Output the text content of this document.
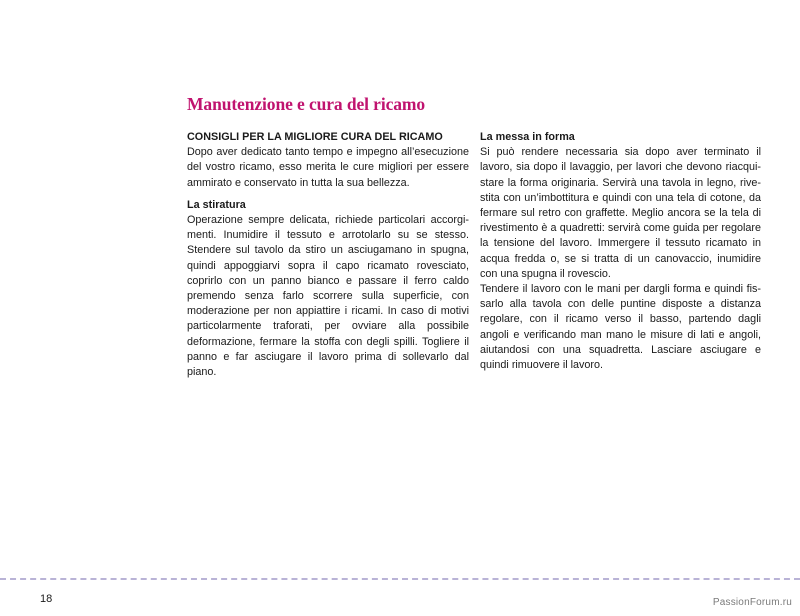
Manutenzione e cura del ricamo

CONSIGLI PER LA MIGLIORE CURA DEL RICAMO

Dopo aver dedicato tanto tempo e impegno all’esecuzione del vostro ricamo, esso merita le cure migliori per essere ammirato e conservato in tutta la sua bellezza.

La stiratura

Operazione sempre delicata, richiede particolari accorgimenti. Inumidire il tessuto e arrotolarlo su se stesso. Stendere sul tavolo da stiro un asciugamano in spugna, quindi appoggiarvi sopra il capo ricamato rovesciato, coprirlo con un panno bianco e passare il ferro caldo premendo senza farlo scorrere sulla superficie, con moderazione per non appiattire i ricami. In caso di motivi particolarmente traforati, per ovviare alla possibile deformazione, fermare la stoffa con degli spilli. Togliere il panno e far asciugare il lavoro prima di sollevarlo dal piano.

La messa in forma

Si può rendere necessaria sia dopo aver terminato il lavoro, sia dopo il lavaggio, per lavori che devono riacquistare la forma originaria. Servirà una tavola in legno, rivestita con un’imbottitura e quindi con una tela di cotone, da fermare sul retro con graffette. Meglio ancora se la tela di rivestimento è a quadretti: servirà come guida per regolare la tensione del lavoro. Immergere il tessuto ricamato in acqua fredda o, se si tratta di un canovaccio, inumidire con una spugna il rovescio.

Tendere il lavoro con le mani per dargli forma e quindi fissarlo alla tavola con delle puntine disposte a distanza regolare, con il ricamo verso il basso, partendo dagli angoli e verificando man mano le misure di lati e angoli, aiutandosi con una squadretta. Lasciare asciugare e quindi rimuovere il lavoro.

18	PassionForum.ru
